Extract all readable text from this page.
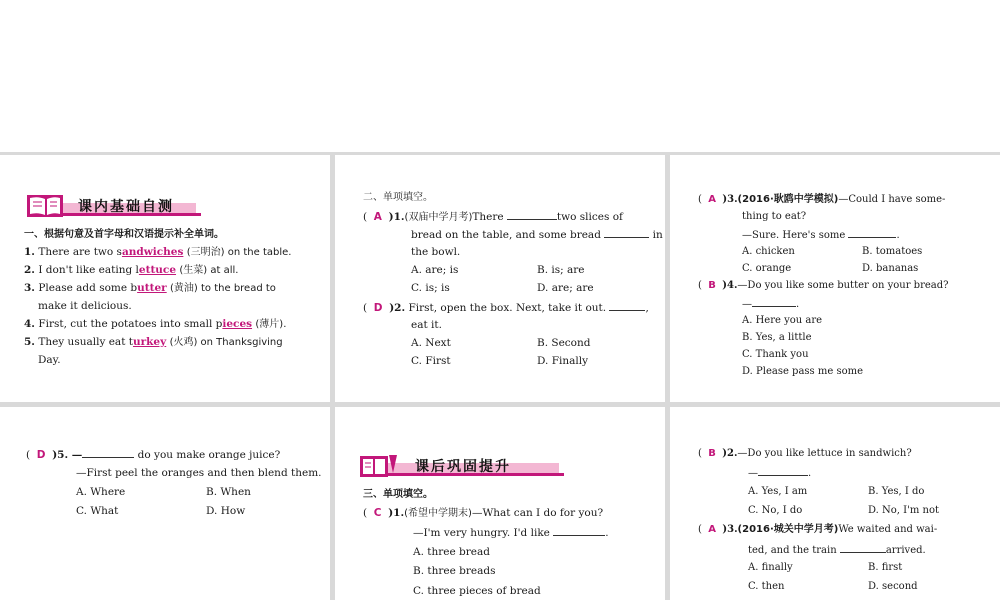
课内基础自测
一、根据句意及首字母和汉语提示补全单词。
1. There are two sandwiches (三明治) on the table.
2. I don't like eating lettuce (生菜) at all.
3. Please add some butter (黄油) to the bread to
make it delicious.
4. First, cut the potatoes into small pieces (薄片).
5. They usually eat turkey (火鸡) on Thanksgiving
Day.
二、单项填空。
(  A )1.(双庙中学月考)There	two slices of
bread on the table, and some bread	in
the bowl.
A. are; is	B. is; are
C. is; is	D. are; are
(  D )2. First, open the box. Next, take it out.	,
eat it.
A. Next	B. Second
C. First	D. Finally
(  A )3.(2016·耿鸥中学模拟)—Could I have some-
thing to eat?
—Sure. Here's some	.
A. chicken	B. tomatoes
C. orange	D. bananas
(  B )4.—Do you like some butter on your bread?
—	.
A. Here you are
B. Yes, a little
C. Thank you
D. Please pass me some
(  D )5. —	do you make orange juice?
—First peel the oranges and then blend them.
A. Where	B. When
C. What	D. How
课后巩固提升
三、单项填空。
(  C )1.(希望中学期末)—What can I do for you?
—I'm very hungry. I'd like	.
A. three bread
B. three breads
C. three pieces of bread
(  B )2.—Do you like lettuce in sandwich?
—	.
A. Yes, I am	B. Yes, I do
C. No, I do	D. No, I'm not
(  A )3.(2016·城关中学月考)We waited and wai-
ted, and the train	arrived.
A. finally	B. first
C. then	D. second
